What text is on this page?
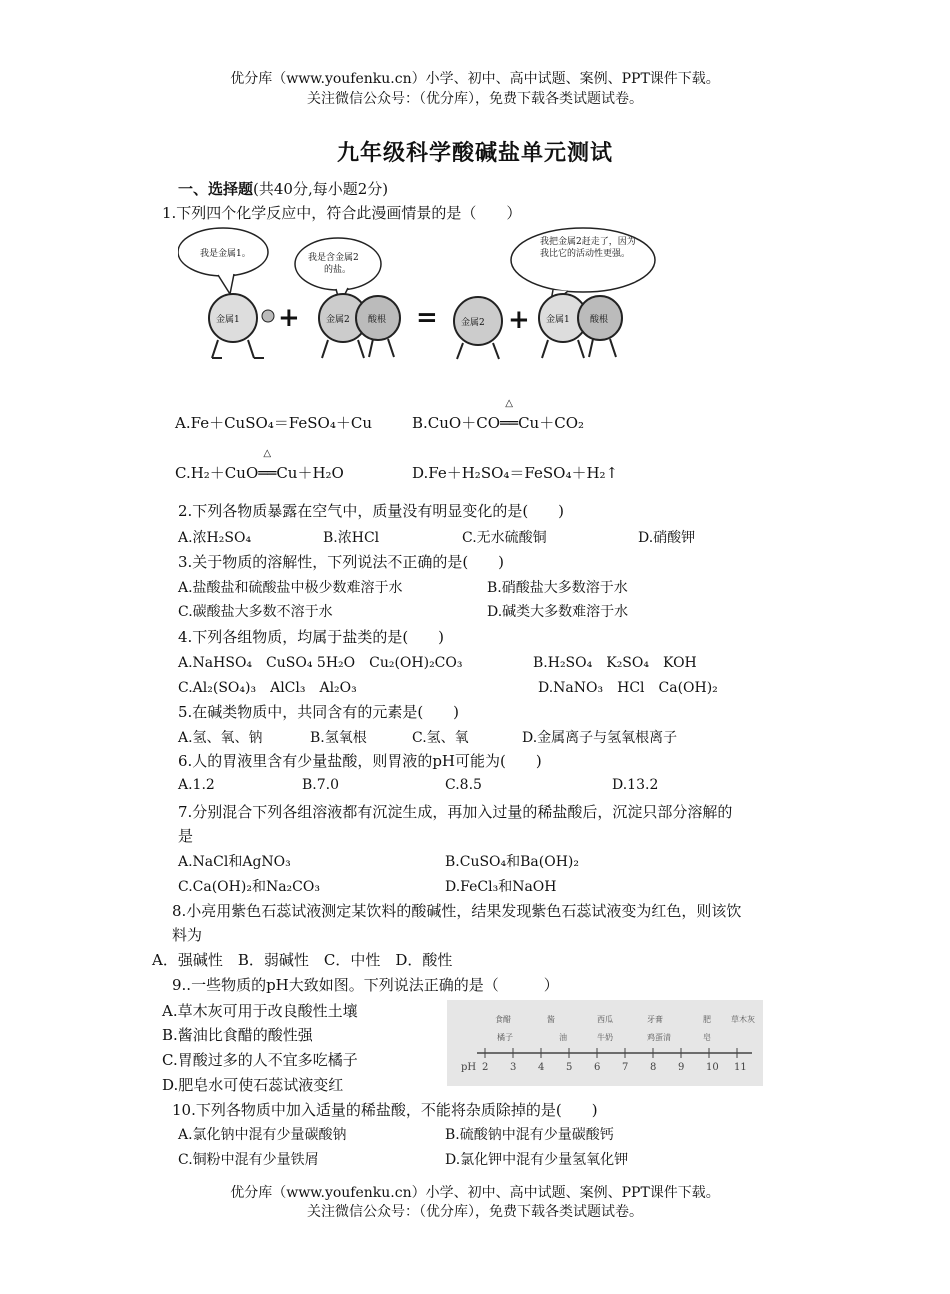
优分库（www.youfenku.cn）小学、初中、高中试题、案例、PPT课件下载。
关注微信公众号：（优分库），免费下载各类试题试卷。
九年级科学酸碱盐单元测试
一、选择题(共40分,每小题2分)
1.下列四个化学反应中，符合此漫画情景的是（　　）
我是金属1。	我是含金属2
的盐。
我把金属2赶走了，因为
我比它的活动性更强。
金属1 +	金属2 酸根 =	金属2 + 金属1 酸根
A.Fe＋CuSO₄＝FeSO₄＋Cu	B.CuO＋CO
△
══Cu＋CO₂
C.H₂＋CuO
△
══Cu＋H₂O	D.Fe＋H₂SO₄＝FeSO₄＋H₂↑
2.下列各物质暴露在空气中，质量没有明显变化的是(　　)
A.浓H₂SO₄	B.浓HCl	C.无水硫酸铜	D.硝酸钾
3.关于物质的溶解性，下列说法不正确的是(　　)
A.盐酸盐和硫酸盐中极少数难溶于水	B.硝酸盐大多数溶于水
C.碳酸盐大多数不溶于水	D.碱类大多数难溶于水
4.下列各组物质，均属于盐类的是(　　)
A.NaHSO₄　CuSO₄ 5H₂O　Cu₂(OH)₂CO₃	B.H₂SO₄　K₂SO₄　KOH
C.Al₂(SO₄)₃　AlCl₃　Al₂O₃	D.NaNO₃　HCl　Ca(OH)₂
5.在碱类物质中，共同含有的元素是(　　)
A.氢、氧、钠	B.氢氧根	C.氢、氧	D.金属离子与氢氧根离子
6.人的胃液里含有少量盐酸，则胃液的pH可能为(　　)
A.1.2	B.7.0	C.8.5	D.13.2
7.分别混合下列各组溶液都有沉淀生成，再加入过量的稀盐酸后，沉淀只部分溶解的
是
A.NaCl和AgNO₃	B.CuSO₄和Ba(OH)₂
C.Ca(OH)₂和Na₂CO₃	D.FeCl₃和NaOH
8.小亮用紫色石蕊试液测定某饮料的酸碱性，结果发现紫色石蕊试液变为红色，则该饮
料为
A．强碱性　B．弱碱性　C．中性　D．酸性
9..一些物质的pH大致如图。下列说法正确的是（　　　）
A.草木灰可用于改良酸性土壤
B.酱油比食醋的酸性强
C.胃酸过多的人不宜多吃橘子
D.肥皂水可使石蕊试液变红
2 3 4 5 6 7 8 9 10 11
pH
食醋	酱	西瓜	牙膏	肥	草木灰
橘子	油	牛奶	鸡蛋清	皂
10.下列各物质中加入适量的稀盐酸，不能将杂质除掉的是(　　)
A.氯化钠中混有少量碳酸钠	B.硫酸钠中混有少量碳酸钙
C.铜粉中混有少量铁屑	D.氯化钾中混有少量氢氧化钾
优分库（www.youfenku.cn）小学、初中、高中试题、案例、PPT课件下载。
关注微信公众号：（优分库），免费下载各类试题试卷。
